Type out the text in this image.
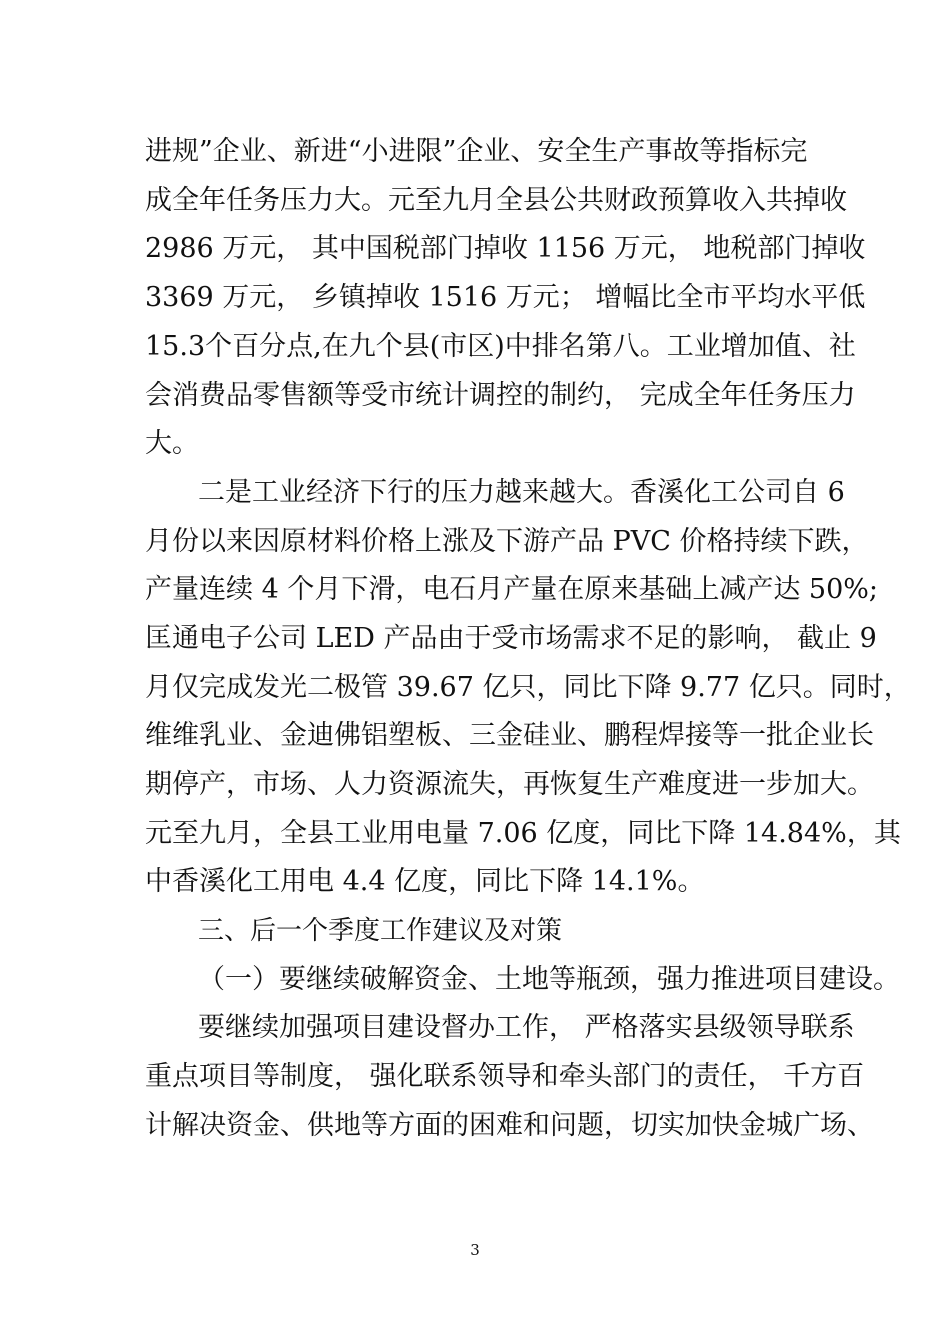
进规”企业、新进“小进限”企业、安全生产事故等指标完
成全年任务压力大。元至九月全县公共财政预算收入共掉收
2986 万元， 其中国税部门掉收 1156 万元， 地税部门掉收
3369 万元， 乡镇掉收 1516 万元； 增幅比全市平均水平低
15.3个百分点,在九个县(市区)中排名第八。工业增加值、社
会消费品零售额等受市统计调控的制约， 完成全年任务压力
大。
二是工业经济下行的压力越来越大。香溪化工公司自 6
月份以来因原材料价格上涨及下游产品 PVC 价格持续下跌，
产量连续 4 个月下滑，电石月产量在原来基础上减产达 50%;
匡通电子公司 LED 产品由于受市场需求不足的影响， 截止 9
月仅完成发光二极管 39.67 亿只，同比下降 9.77 亿只。同时，
维维乳业、金迪佛铝塑板、三金硅业、鹏程焊接等一批企业长
期停产，市场、人力资源流失，再恢复生产难度进一步加大。
元至九月，全县工业用电量 7.06 亿度，同比下降 14.84%，其
中香溪化工用电 4.4 亿度，同比下降 14.1%。
三、后一个季度工作建议及对策
（一）要继续破解资金、土地等瓶颈，强力推进项目建设。
要继续加强项目建设督办工作， 严格落实县级领导联系
重点项目等制度， 强化联系领导和牵头部门的责任， 千方百
计解决资金、供地等方面的困难和问题，切实加快金城广场、
3
